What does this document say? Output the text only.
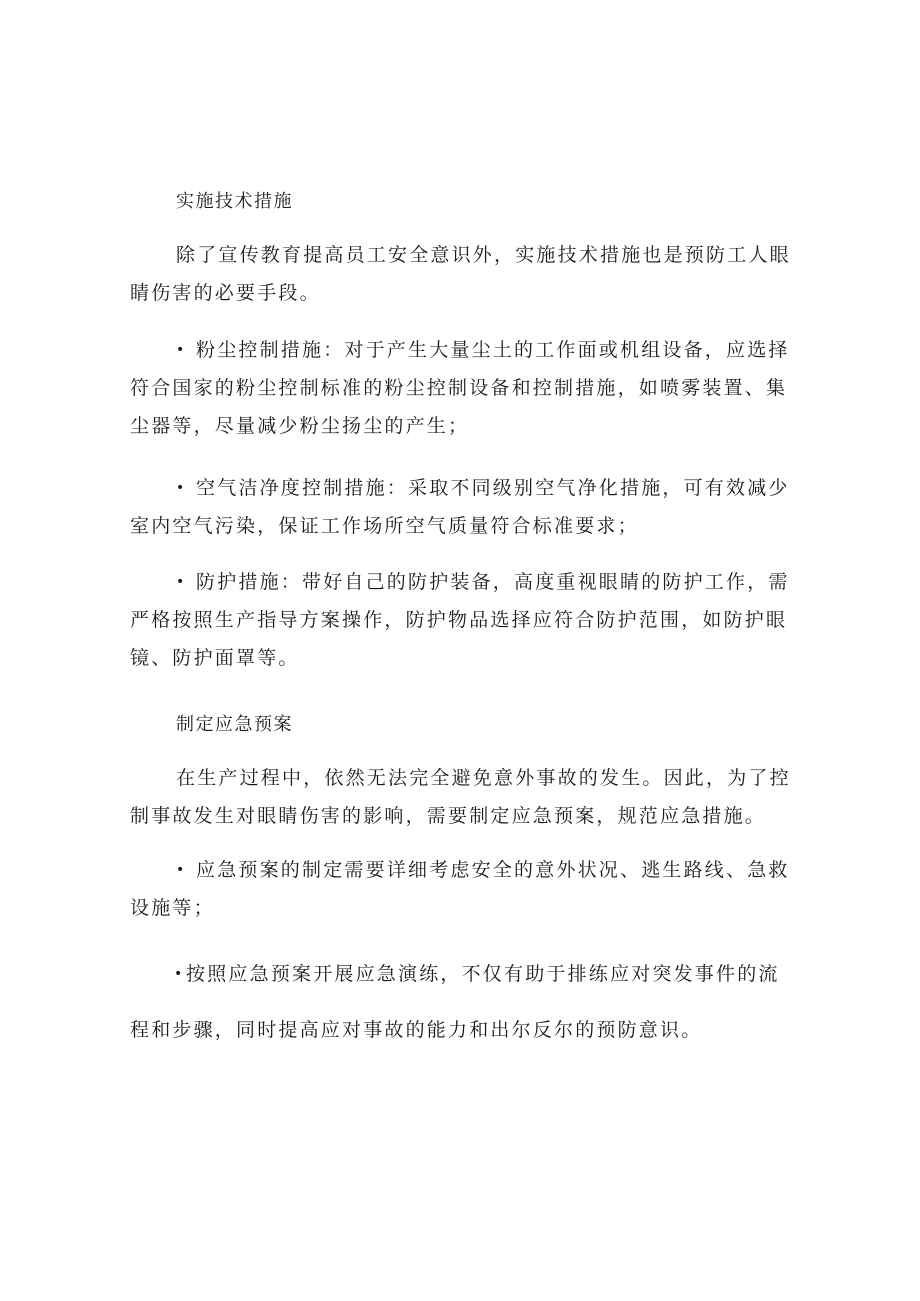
实施技术措施

除了宣传教育提高员工安全意识外，实施技术措施也是预防工人眼睛伤害的必要手段。

• 粉尘控制措施：对于产生大量尘土的工作面或机组设备，应选择符合国家的粉尘控制标准的粉尘控制设备和控制措施，如喷雾装置、集尘器等，尽量减少粉尘扬尘的产生；

• 空气洁净度控制措施：采取不同级别空气净化措施，可有效减少室内空气污染，保证工作场所空气质量符合标准要求；

• 防护措施：带好自己的防护装备，高度重视眼睛的防护工作，需严格按照生产指导方案操作，防护物品选择应符合防护范围，如防护眼镜、防护面罩等。

制定应急预案

在生产过程中，依然无法完全避免意外事故的发生。因此，为了控制事故发生对眼睛伤害的影响，需要制定应急预案，规范应急措施。

• 应急预案的制定需要详细考虑安全的意外状况、逃生路线、急救设施等；

•按照应急预案开展应急演练，不仅有助于排练应对突发事件的流程和步骤，同时提高应对事故的能力和出尔反尔的预防意识。
